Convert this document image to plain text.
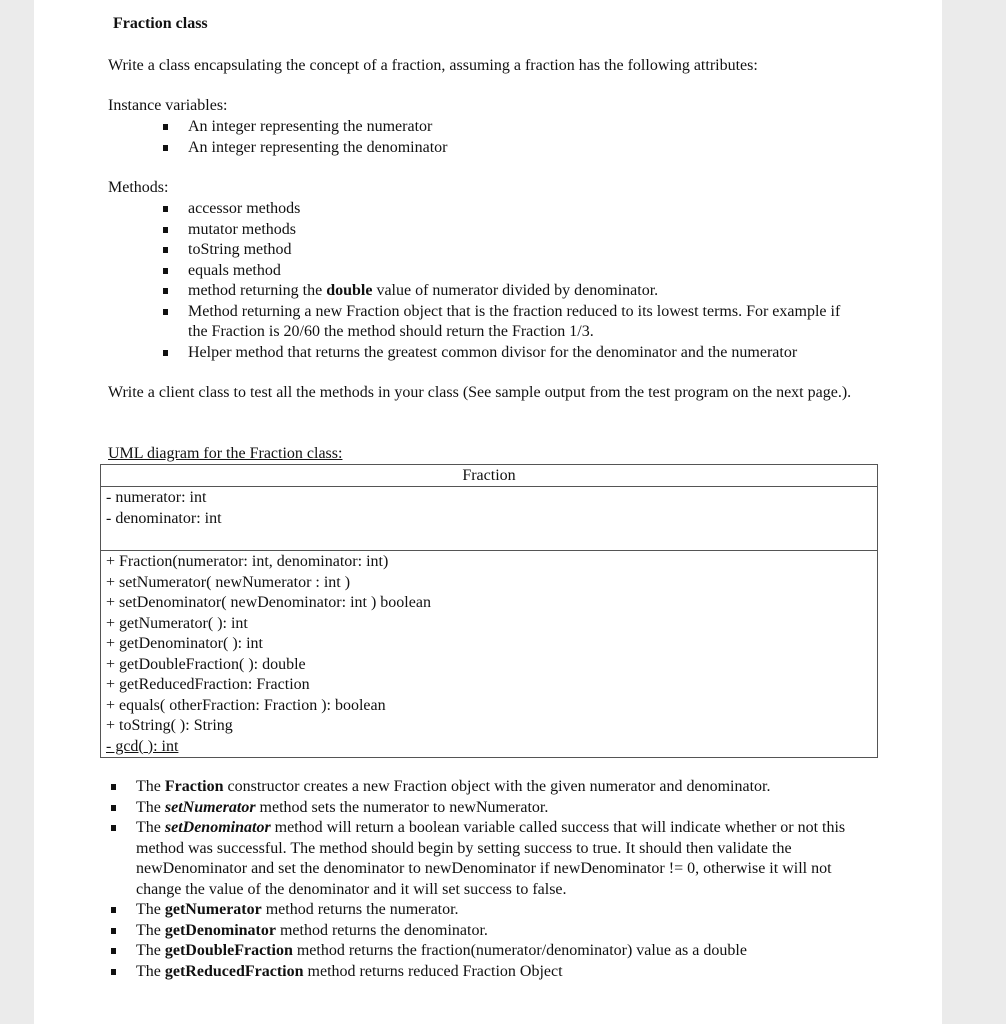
Fraction class
Write a class encapsulating the concept of a fraction, assuming a fraction has the following attributes:
Instance variables:
An integer representing the numerator
An integer representing the denominator
Methods:
accessor methods
mutator methods
toString method
equals method
method returning the double value of numerator divided by denominator.
Method returning a new Fraction object that is the fraction reduced to its lowest terms. For example if the Fraction is 20/60 the method should return the Fraction 1/3.
Helper method that returns the greatest common divisor for the denominator and the numerator
Write a client class to test all the methods in your class (See sample output from the test program on the next page.).
UML diagram for the Fraction class:
Fraction
- numerator: int
- denominator: int
+ Fraction(numerator: int, denominator: int)
+ setNumerator( newNumerator : int )
+ setDenominator( newDenominator: int ) boolean
+ getNumerator( ): int
+ getDenominator( ): int
+ getDoubleFraction( ): double
+ getReducedFraction: Fraction
+ equals( otherFraction: Fraction ): boolean
+ toString( ): String
- gcd( ): int
The Fraction constructor creates a new Fraction object with the given numerator and denominator.
The setNumerator method sets the numerator to newNumerator.
The setDenominator method will return a boolean variable called success that will indicate whether or not this method was successful. The method should begin by setting success to true. It should then validate the newDenominator and set the denominator to newDenominator if newDenominator != 0, otherwise it will not change the value of the denominator and it will set success to false.
The getNumerator method returns the numerator.
The getDenominator method returns the denominator.
The getDoubleFraction method returns the fraction(numerator/denominator) value as a double
The getReducedFraction method returns reduced Fraction Object
